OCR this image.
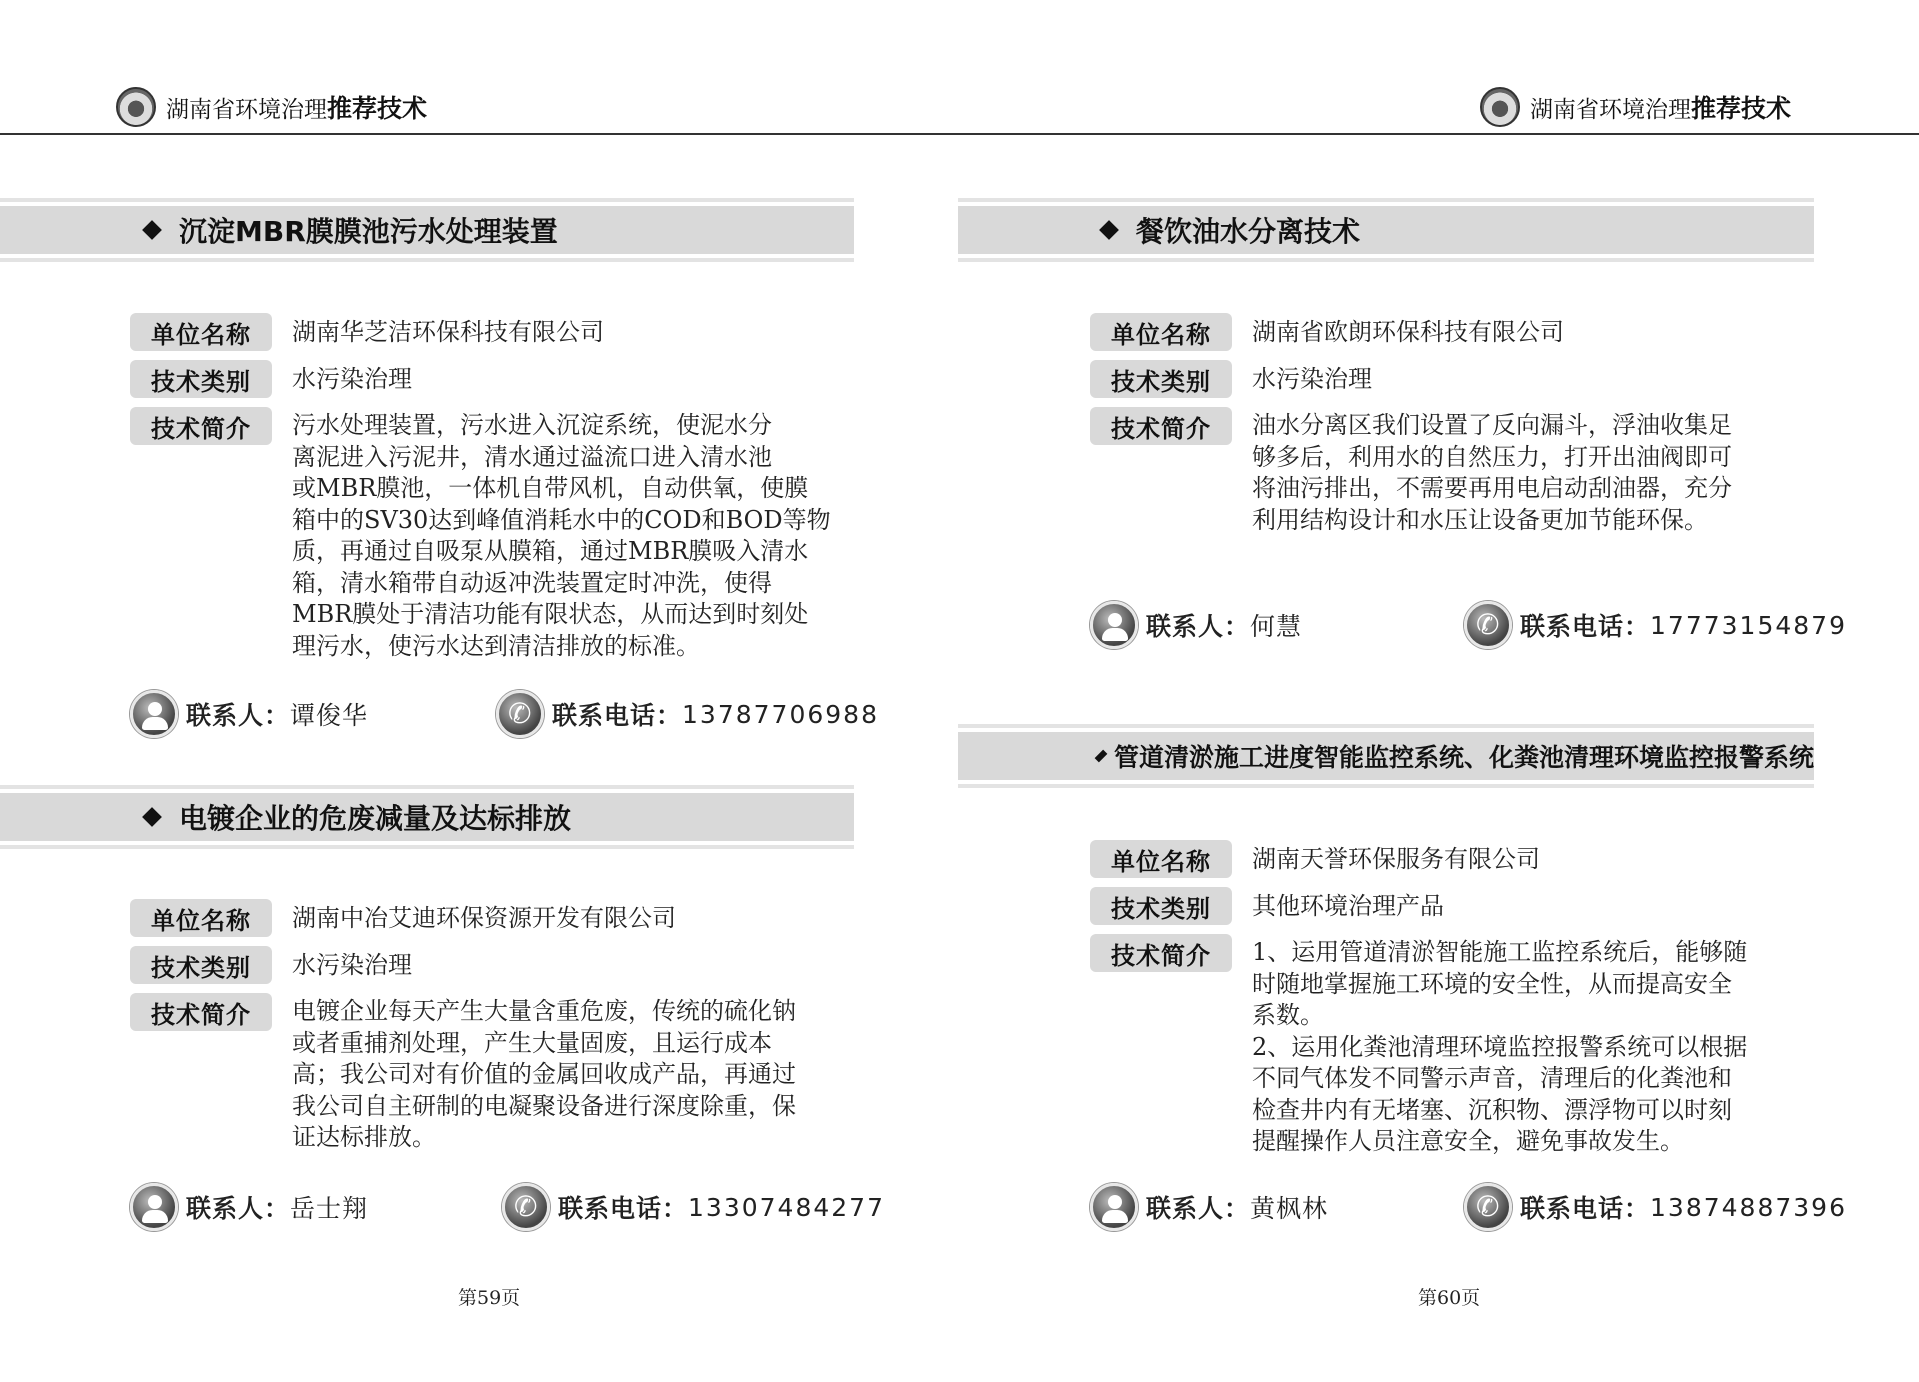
湖南省环境治理推荐技术	湖南省环境治理推荐技术
沉淀MBR膜膜池污水处理装置
单位名称	湖南华芝洁环保科技有限公司
技术类别	水污染治理
技术简介	污水处理装置，污水进入沉淀系统，使泥水分
离泥进入污泥井，清水通过溢流口进入清水池
或MBR膜池，一体机自带风机，自动供氧，使膜
箱中的SV30达到峰值消耗水中的COD和BOD等物
质，再通过自吸泵从膜箱，通过MBR膜吸入清水
箱，清水箱带自动返冲洗装置定时冲洗，使得
MBR膜处于清洁功能有限状态，从而达到时刻处
理污水，使污水达到清洁排放的标准。
联系人： 谭俊华 ✆	联系电话： 13787706988
电镀企业的危废减量及达标排放
单位名称	湖南中冶艾迪环保资源开发有限公司
技术类别	水污染治理
技术简介	电镀企业每天产生大量含重危废，传统的硫化钠
或者重捕剂处理，产生大量固废，且运行成本
高；我公司对有价值的金属回收成产品，再通过
我公司自主研制的电凝聚设备进行深度除重，保
证达标排放。
联系人： 岳士翔 ✆	联系电话： 13307484277
第59页
餐饮油水分离技术
单位名称	湖南省欧朗环保科技有限公司
技术类别	水污染治理
技术简介	油水分离区我们设置了反向漏斗，浮油收集足
够多后，利用水的自然压力，打开出油阀即可
将油污排出，不需要再用电启动刮油器，充分
利用结构设计和水压让设备更加节能环保。
联系人： 何慧 ✆	联系电话： 17773154879
管道清淤施工进度智能监控系统、化粪池清理环境监控报警系统
单位名称	湖南天誉环保服务有限公司
技术类别	其他环境治理产品
技术简介	1、运用管道清淤智能施工监控系统后，能够随
时随地掌握施工环境的安全性，从而提高安全
系数。
2、运用化粪池清理环境监控报警系统可以根据
不同气体发不同警示声音，清理后的化粪池和
检查井内有无堵塞、沉积物、漂浮物可以时刻
提醒操作人员注意安全，避免事故发生。
联系人： 黄枫林 ✆	联系电话： 13874887396
第60页
